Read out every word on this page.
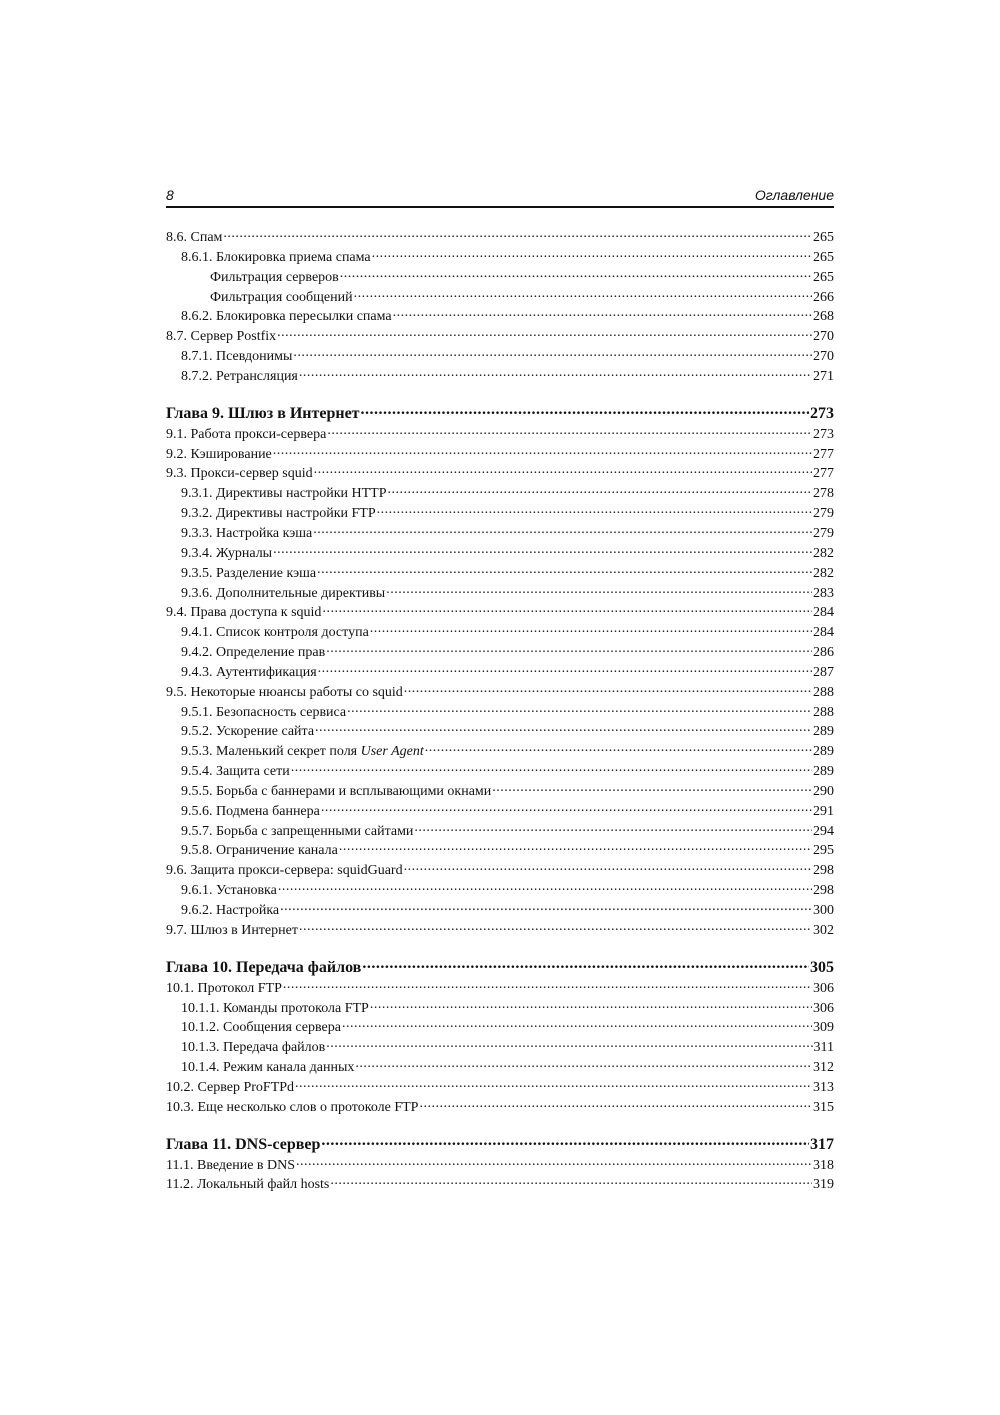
8	Оглавление
8.6. Спам .....	265
8.6.1. Блокировка приема спама .....	265
Фильтрация серверов .....	265
Фильтрация сообщений .....	266
8.6.2. Блокировка пересылки спама .....	268
8.7. Сервер Postfix .....	270
8.7.1. Псевдонимы .....	270
8.7.2. Ретрансляция .....	271
Глава 9. Шлюз в Интернет .....	273
9.1. Работа прокси-сервера .....	273
9.2. Кэширование .....	277
9.3. Прокси-сервер squid .....	277
9.3.1. Директивы настройки HTTP .....	278
9.3.2. Директивы настройки FTP .....	279
9.3.3. Настройка кэша .....	279
9.3.4. Журналы .....	282
9.3.5. Разделение кэша .....	282
9.3.6. Дополнительные директивы .....	283
9.4. Права доступа к squid .....	284
9.4.1. Список контроля доступа .....	284
9.4.2. Определение прав .....	286
9.4.3. Аутентификация .....	287
9.5. Некоторые нюансы работы со squid .....	288
9.5.1. Безопасность сервиса .....	288
9.5.2. Ускорение сайта .....	289
9.5.3. Маленький секрет поля User Agent .....	289
9.5.4. Защита сети .....	289
9.5.5. Борьба с баннерами и всплывающими окнами .....	290
9.5.6. Подмена баннера .....	291
9.5.7. Борьба с запрещенными сайтами .....	294
9.5.8. Ограничение канала .....	295
9.6. Защита прокси-сервера: squidGuard .....	298
9.6.1. Установка .....	298
9.6.2. Настройка .....	300
9.7. Шлюз в Интернет .....	302
Глава 10. Передача файлов .....	305
10.1. Протокол FTP .....	306
10.1.1. Команды протокола FTP .....	306
10.1.2. Сообщения сервера .....	309
10.1.3. Передача файлов .....	311
10.1.4. Режим канала данных .....	312
10.2. Сервер ProFTPd .....	313
10.3. Еще несколько слов о протоколе FTP .....	315
Глава 11. DNS-сервер .....	317
11.1. Введение в DNS .....	318
11.2. Локальный файл hosts .....	319
